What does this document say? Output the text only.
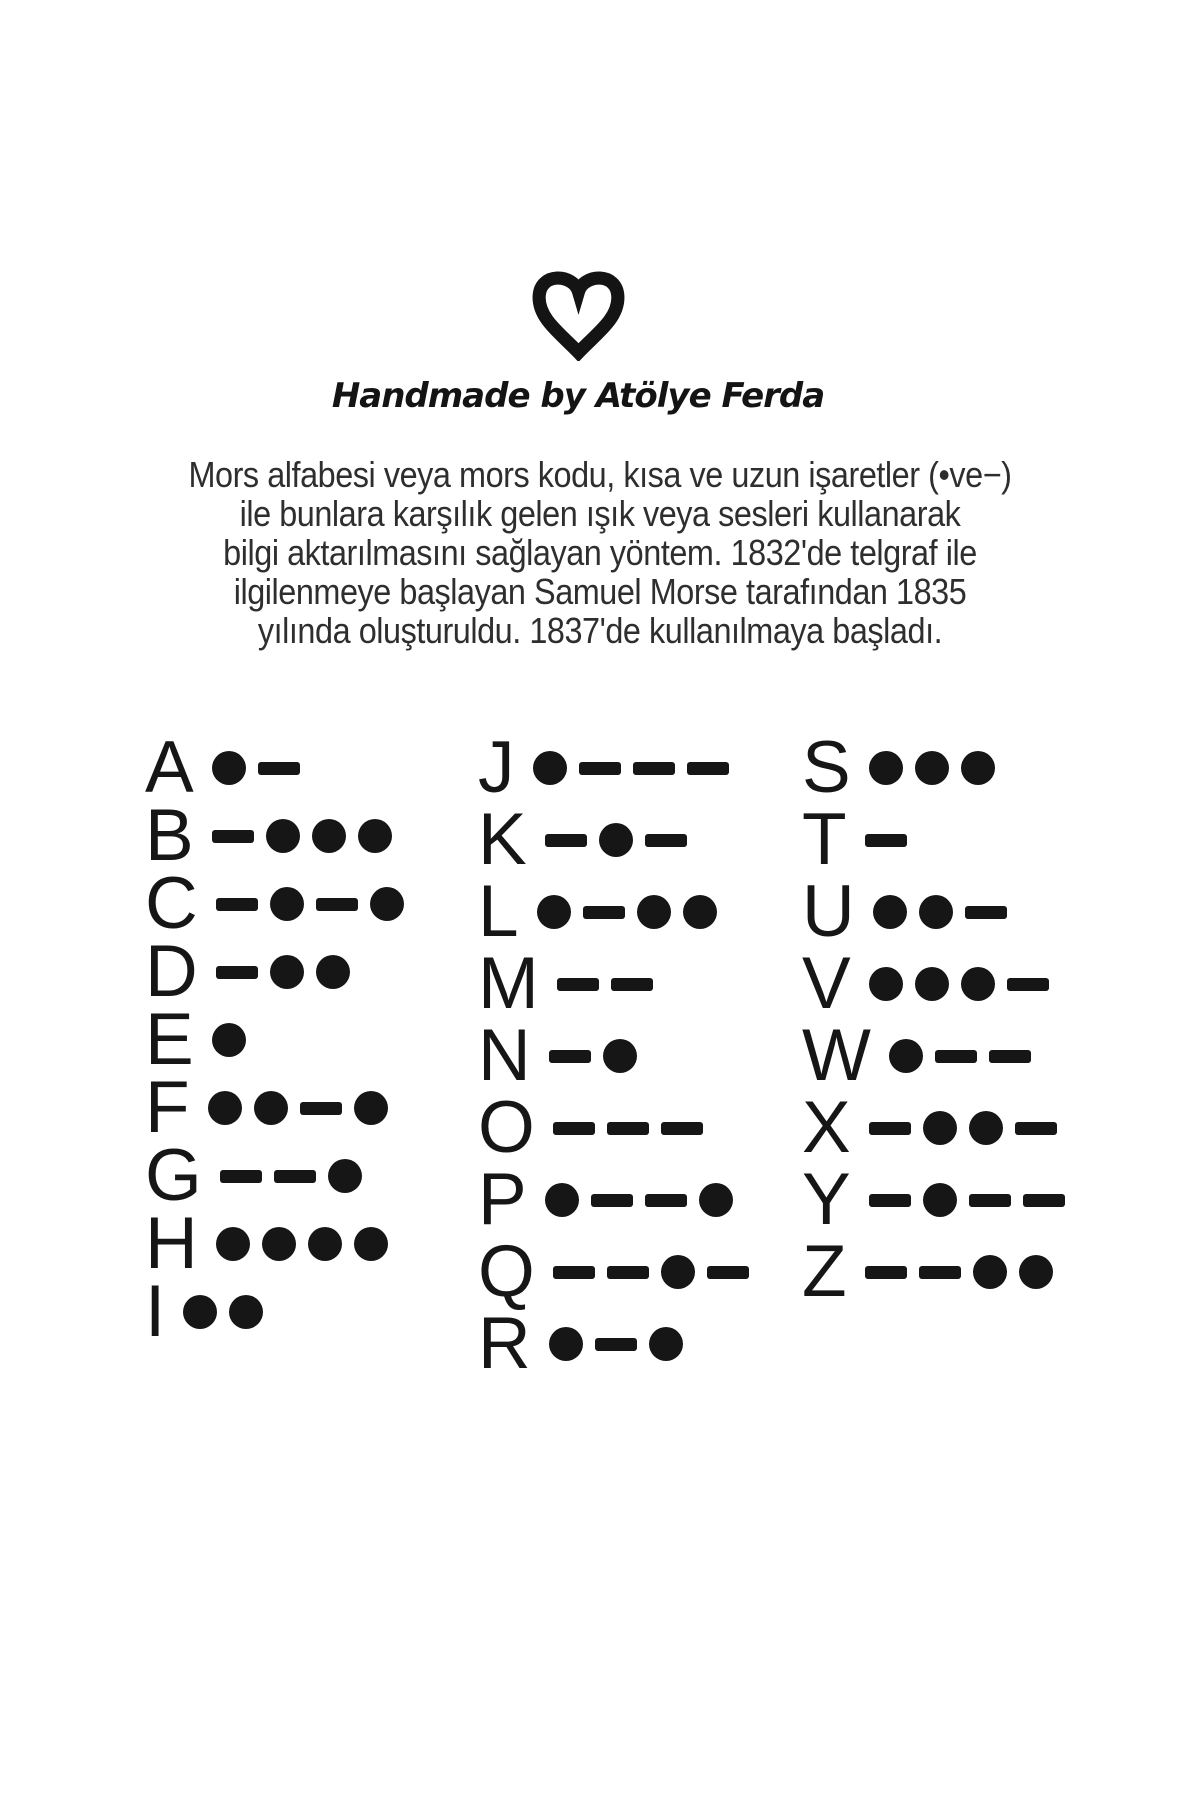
Handmade by Atölye Ferda
Mors alfabesi veya mors kodu, kısa ve uzun işaretler (•ve−)
ile bunlara karşılık gelen ışık veya sesleri kullanarak
bilgi aktarılmasını sağlayan yöntem. 1832'de telgraf ile
ilgilenmeye başlayan Samuel Morse tarafından 1835
yılında oluşturuldu. 1837'de kullanılmaya başladı.
A
B
C
D
E
F
G
H
I
J
K
L
M
N
O
P
Q
R
S
T
U
V
W
X
Y
Z
